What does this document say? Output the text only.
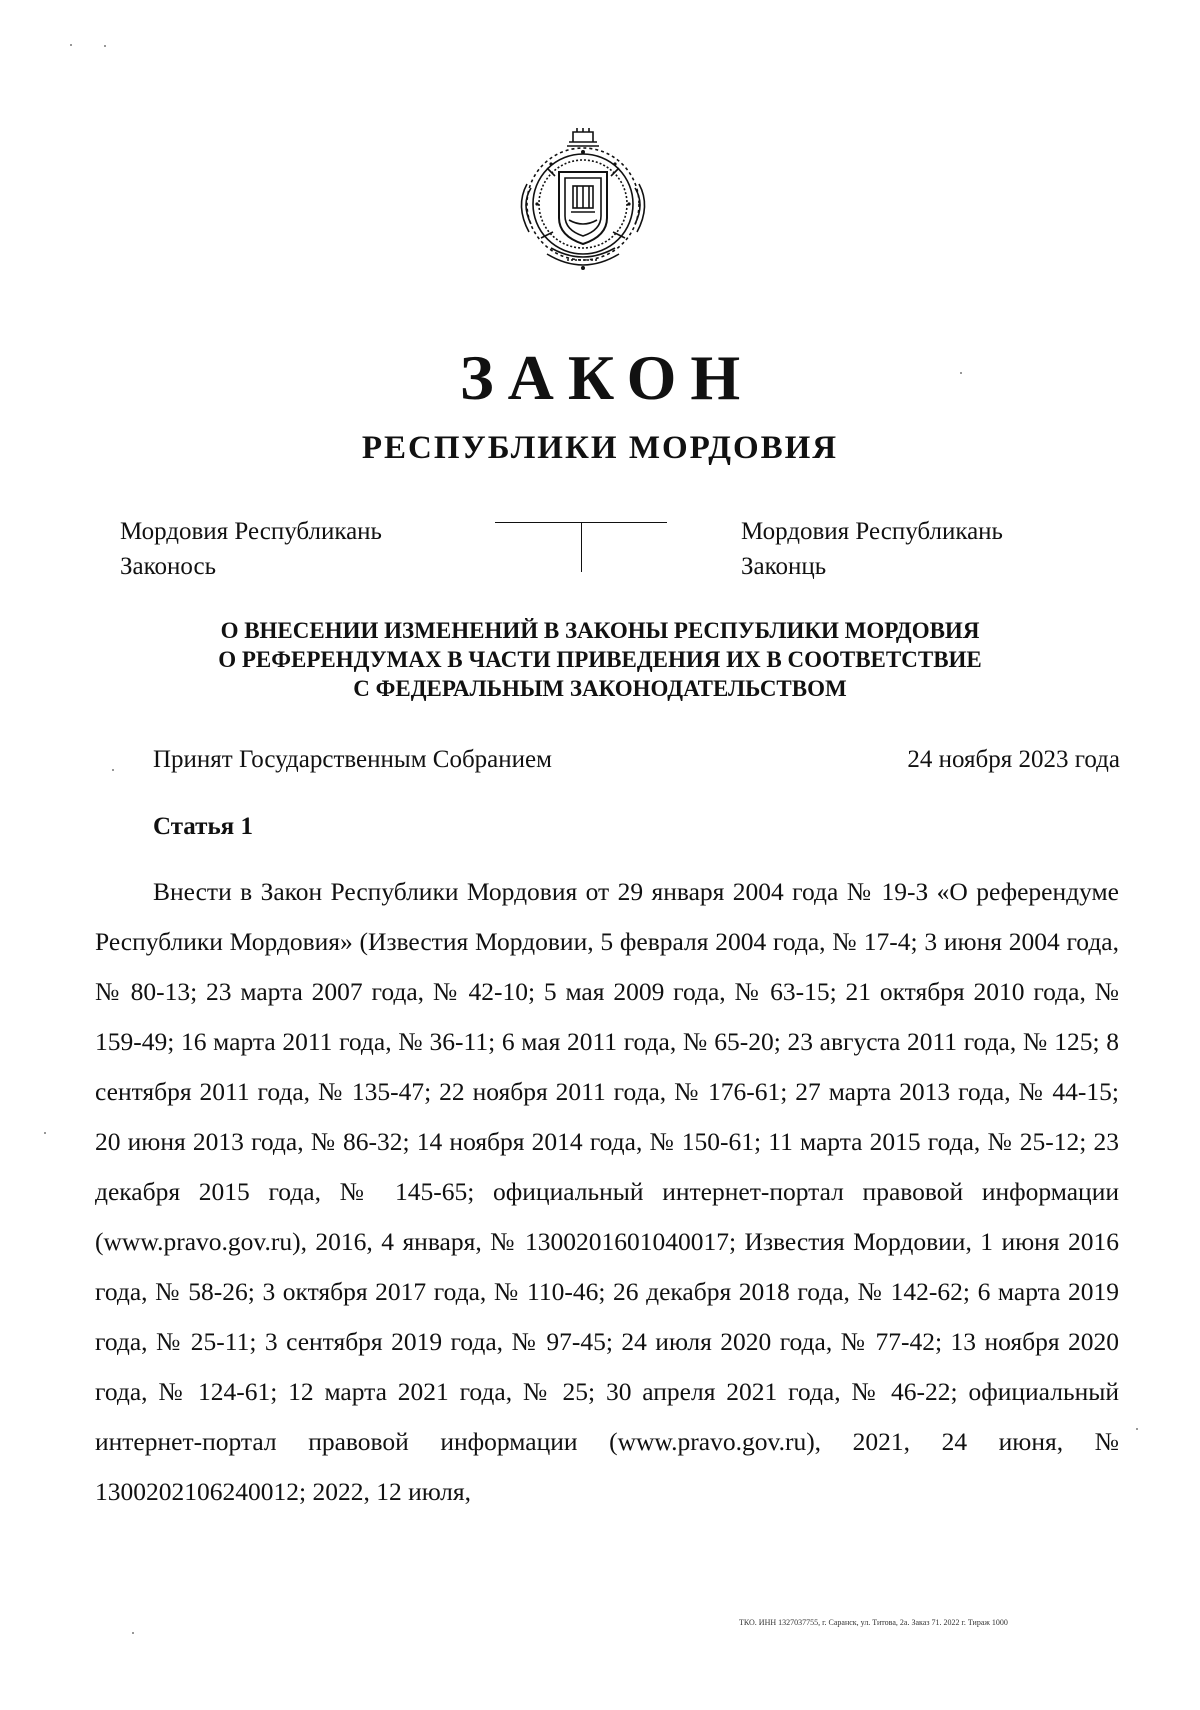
ЗАКОН
РЕСПУБЛИКИ МОРДОВИЯ
Мордовия Республикань
Законось
Мордовия Республикань
Законць
О ВНЕСЕНИИ ИЗМЕНЕНИЙ В ЗАКОНЫ РЕСПУБЛИКИ МОРДОВИЯ
О РЕФЕРЕНДУМАХ В ЧАСТИ ПРИВЕДЕНИЯ ИХ В СООТВЕТСТВИЕ
С ФЕДЕРАЛЬНЫМ ЗАКОНОДАТЕЛЬСТВОМ
Принят Государственным Собранием	24 ноября 2023 года
Статья 1

Внести в Закон Республики Мордовия от 29 января 2004 года № 19-З «О референдуме Республики Мордовия» (Известия Мордовии, 5 февраля 2004 года, № 17-4; 3 июня 2004 года, № 80-13; 23 марта 2007 года, № 42-10; 5 мая 2009 года, № 63-15; 21 октября 2010 года, № 159-49; 16 марта 2011 года, № 36-11; 6 мая 2011 года, № 65-20; 23 августа 2011 года, № 125; 8 сентября 2011 года, № 135-47; 22 ноября 2011 года, № 176-61; 27 марта 2013 года, № 44-15; 20 июня 2013 года, № 86-32; 14 ноября 2014 года, № 150-61; 11 марта 2015 года, № 25-12; 23 декабря 2015 года, № 145-65; официальный интернет-портал правовой информации (www.pravo.gov.ru), 2016, 4 января, № 1300201601040017; Известия Мордовии, 1 июня 2016 года, № 58-26; 3 октября 2017 года, № 110-46; 26 декабря 2018 года, № 142-62; 6 марта 2019 года, № 25-11; 3 сентября 2019 года, № 97-45; 24 июля 2020 года, № 77-42; 13 ноября 2020 года, № 124-61; 12 марта 2021 года, № 25; 30 апреля 2021 года, № 46-22; официальный интернет-портал правовой информации (www.pravo.gov.ru), 2021, 24 июня, № 1300202106240012; 2022, 12 июля,

ТКО. ИНН 1327037755, г. Саранск, ул. Титова, 2а. Заказ 71. 2022 г. Тираж 1000
